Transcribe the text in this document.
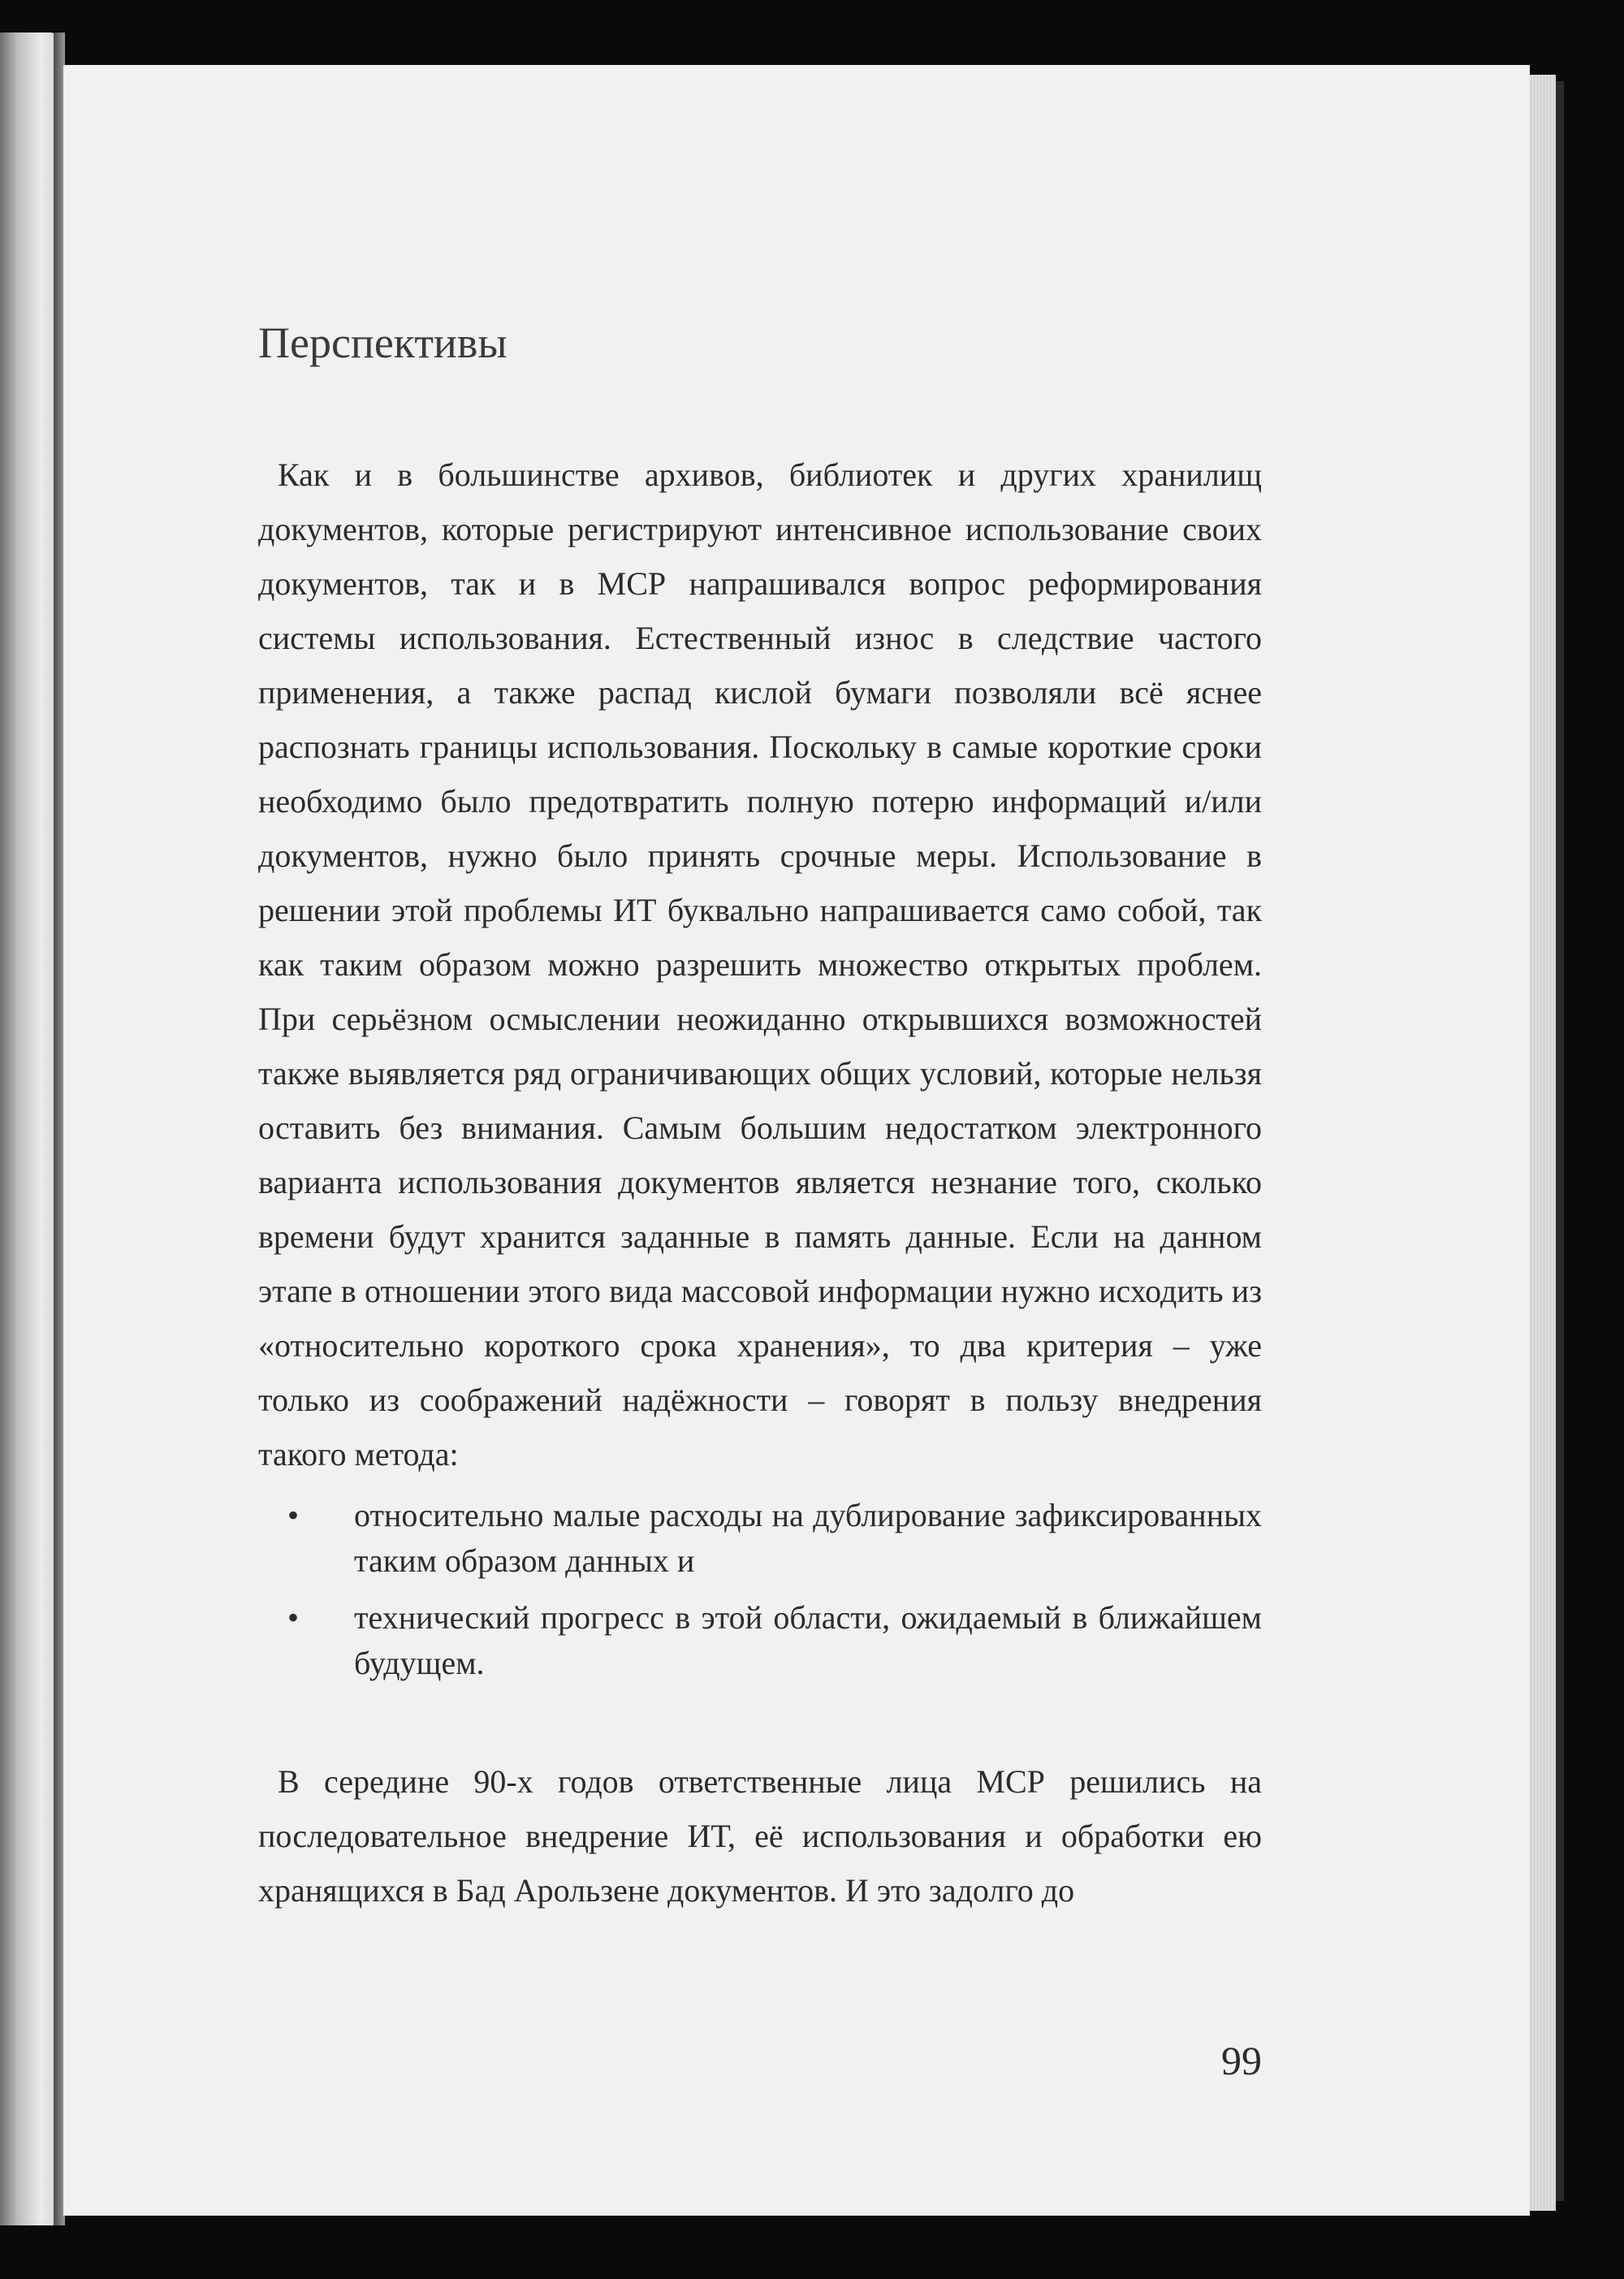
Перспективы

Как и в большинстве архивов, библиотек и других хранилищ документов, которые регистрируют интенсивное использование своих документов, так и в МСР напрашивался вопрос реформирования системы использования. Естественный износ в следствие частого применения, а также распад кислой бумаги позволяли всё яснее распознать границы использования. Поскольку в самые короткие сроки необходимо было предотвратить полную потерю информаций и/или документов, нужно было принять срочные меры. Использование в решении этой проблемы ИТ буквально напрашивается само собой, так как таким образом можно разрешить множество открытых проблем. При серьёзном осмыслении неожиданно открывшихся возможностей также выявляется ряд ограничивающих общих условий, которые нельзя оставить без внимания. Самым большим недостатком электронного варианта использования документов является незнание того, сколько времени будут хранится заданные в память данные. Если на данном этапе в отношении этого вида массовой информации нужно исходить из «относительно короткого срока хранения», то два критерия – уже только из соображений надёжности – говорят в пользу внедрения такого метода:

• относительно малые расходы на дублирование зафиксированных таким образом данных и
• технический прогресс в этой области, ожидаемый в ближайшем будущем.

В середине 90-х годов ответственные лица МСР решились на последовательное внедрение ИТ, её использования и обработки ею хранящихся в Бад Арользене документов. И это задолго до

99
